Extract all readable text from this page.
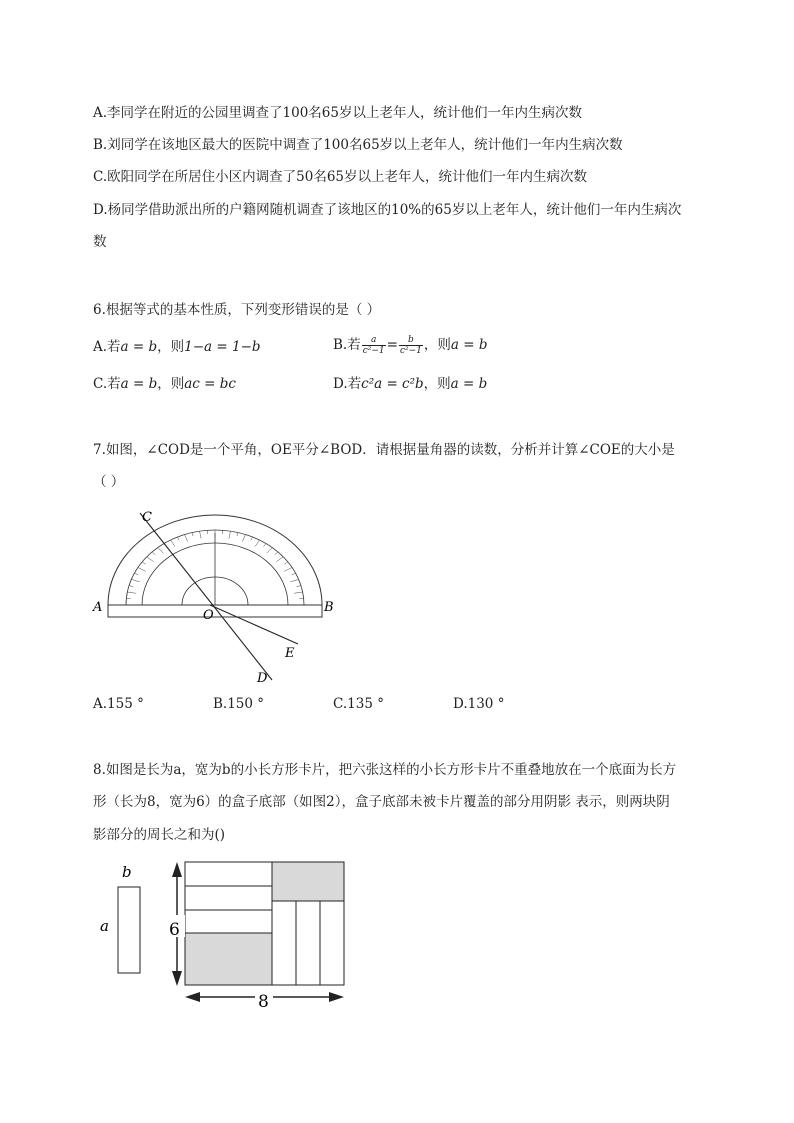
A.李同学在附近的公园里调查了100名65岁以上老年人，统计他们一年内生病次数
B.刘同学在该地区最大的医院中调查了100名65岁以上老年人，统计他们一年内生病次数
C.欧阳同学在所居住小区内调查了50名65岁以上老年人，统计他们一年内生病次数
D.杨同学借助派出所的户籍网随机调查了该地区的10%的65岁以上老年人，统计他们一年内生病次
数
6.根据等式的基本性质，下列变形错误的是（ ）
A.若a = b，则1−a = 1−b	B.若 $\frac{a}{\text{c²−1}} = \frac{b}{\text{c²−1}}$ ，则a = b
C.若a = b，则ac = bc	D.若c²a = c²b，则a = b
7.如图，∠COD是一个平角，OE平分∠BOD．请根据量角器的读数，分析并计算∠COE的大小是
（ ）
C
A
O
B
E
D
A.155 °	B.150 °	C.135 °	D.130 °
8.如图是长为a，宽为b的小长方形卡片，把六张这样的小长方形卡片不重叠地放在一个底面为长方
形（长为8，宽为6）的盒子底部（如图2），盒子底部未被卡片覆盖的部分用阴影 表示，则两块阴
影部分的周长之和为()
b
a	6
8
